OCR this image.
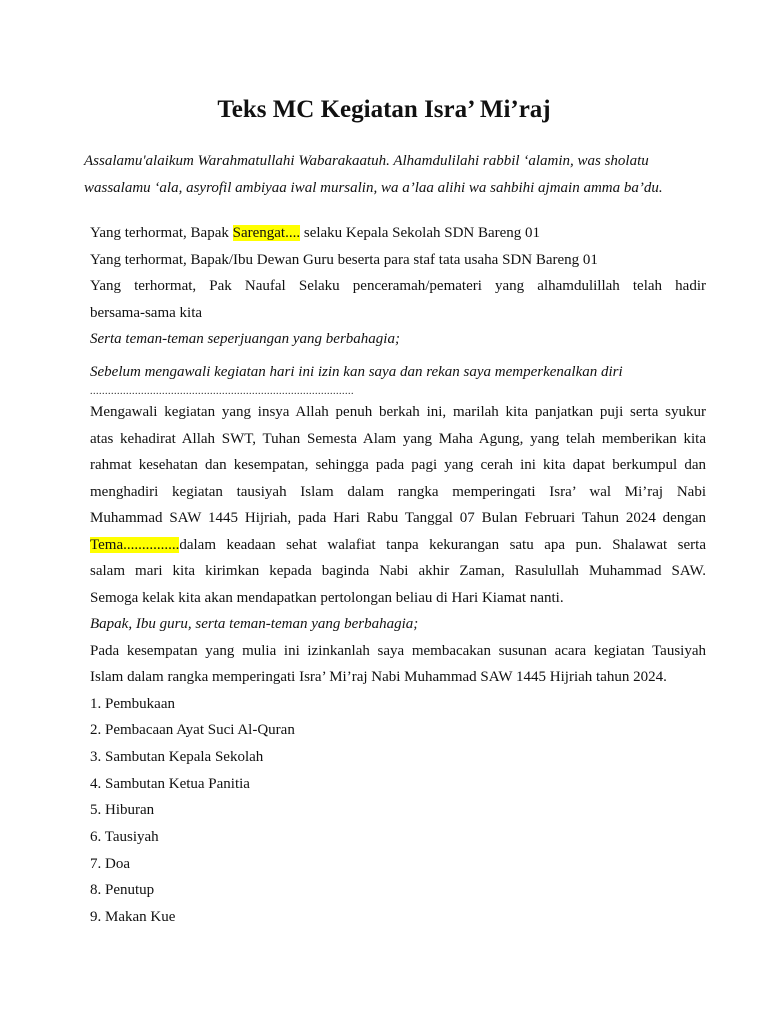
Teks MC Kegiatan Isra’ Mi’raj

Assalamu'alaikum Warahmatullahi Wabarakaatuh. Alhamdulilahi rabbil ‘alamin, was sholatu
wassalamu ‘ala, asyrofil ambiyaa iwal mursalin, wa a’laa alihi wa sahbihi ajmain amma ba’du.

Yang terhormat, Bapak Sarengat.... selaku Kepala Sekolah SDN Bareng 01
Yang terhormat, Bapak/Ibu Dewan Guru beserta para staf tata usaha SDN Bareng 01
Yang terhormat, Pak Naufal Selaku penceramah/pemateri yang alhamdulillah telah hadir
bersama-sama kita
Serta teman-teman seperjuangan yang berbahagia;
Sebelum mengawali kegiatan hari ini izin kan saya dan rekan saya memperkenalkan diri
........................................................................................
Mengawali kegiatan yang insya Allah penuh berkah ini, marilah kita panjatkan puji serta syukur
atas kehadirat Allah SWT, Tuhan Semesta Alam yang Maha Agung, yang telah memberikan kita
rahmat kesehatan dan kesempatan, sehingga pada pagi yang cerah ini kita dapat berkumpul dan
menghadiri kegiatan tausiyah Islam dalam rangka memperingati Isra’ wal Mi’raj Nabi
Muhammad SAW 1445 Hijriah, pada Hari Rabu Tanggal 07 Bulan Februari Tahun 2024 dengan
Tema...............dalam keadaan sehat walafiat tanpa kekurangan satu apa pun. Shalawat serta
salam mari kita kirimkan kepada baginda Nabi akhir Zaman, Rasulullah Muhammad SAW.
Semoga kelak kita akan mendapatkan pertolongan beliau di Hari Kiamat nanti.
Bapak, Ibu guru, serta teman-teman yang berbahagia;
Pada kesempatan yang mulia ini izinkanlah saya membacakan susunan acara kegiatan Tausiyah
Islam dalam rangka memperingati Isra’ Mi’raj Nabi Muhammad SAW 1445 Hijriah tahun 2024.
1. Pembukaan
2. Pembacaan Ayat Suci Al-Quran
3. Sambutan Kepala Sekolah
4. Sambutan Ketua Panitia
5. Hiburan
6. Tausiyah
7. Doa
8. Penutup
9. Makan Kue
